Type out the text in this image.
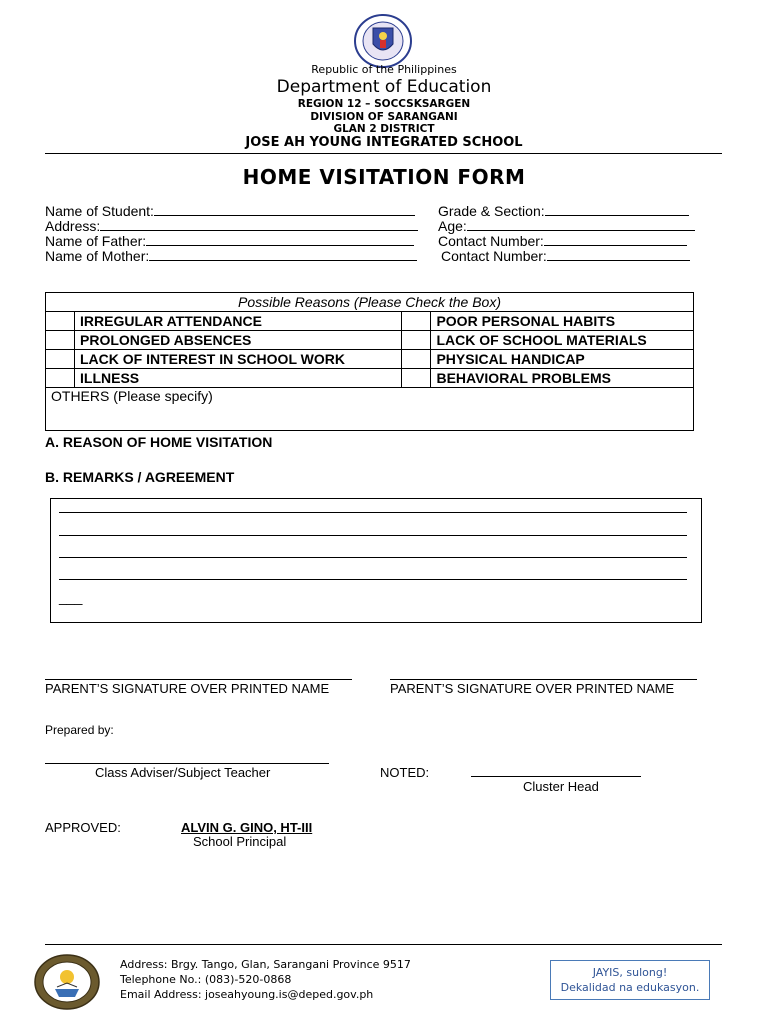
Republic of the Philippines
Department of Education
REGION 12 – SOCCSKSARGEN
DIVISION OF SARANGANI
GLAN 2 DISTRICT
JOSE AH YOUNG INTEGRATED SCHOOL
HOME VISITATION FORM
Name of Student:	Grade & Section:
Address:	Age:
Name of Father:	Contact Number:
Name of Mother:	Contact Number:
Possible Reasons (Please Check the Box)			
	IRREGULAR ATTENDANCE		POOR PERSONAL HABITS
	PROLONGED ABSENCES		LACK OF SCHOOL MATERIALS
	LACK OF INTEREST IN SCHOOL WORK		PHYSICAL HANDICAP
	ILLNESS		BEHAVIORAL PROBLEMS
OTHERS (Please specify)			
A. REASON OF HOME VISITATION
B. REMARKS / AGREEMENT
___
PARENT’S SIGNATURE OVER PRINTED NAME	PARENT’S SIGNATURE OVER PRINTED NAME
Prepared by:
Class Adviser/Subject Teacher	NOTED:
Cluster Head
APPROVED:	ALVIN G. GINO, HT-III
School Principal
Address: Brgy. Tango, Glan, Sarangani Province 9517
Telephone No.: (083)-520-0868
Email Address: joseahyoung.is@deped.gov.ph
JAYIS, sulong!
Dekalidad na edukasyon.
